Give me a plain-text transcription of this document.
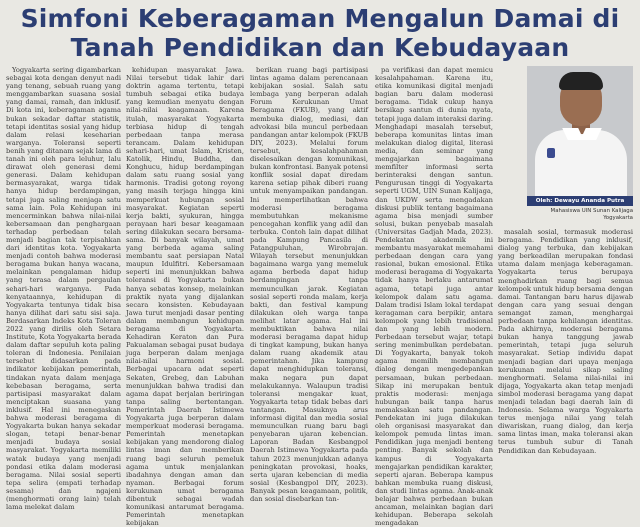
Simfoni Keberagaman Mengalun Damai di Tanah Pendidikan dan Kebudayaan

Yogyakarta sering digambarkan sebagai kota dengan denyut nadi yang tenang, sebuah ruang yang menggambarkan suasana sosial yang damai, ramah, dan inklusif. Di kota ini, keberagaman agama bukan sekadar daftar statistik, tetapi identitas sosial yang hidup dalam relasi keseharian warganya. Toleransi seperti benih yang ditanam sejak lama di tanah ini oleh para leluhur, lalu dirawat oleh generasi demi generasi. Dalam kehidupan bermasyarakat, warga tidak hanya hidup berdampingan, tetapi juga saling menjaga satu sama lain. Pola Kehidupan ini mencerminkan bahwa nilai-nilai kebersamaan dan penghargaan terhadap perbedaan telah menjadi bagian tak terpisahkan dari identitas kota. Yogyakarta menjadi contoh bahwa moderasi beragama bukan hanya wacana, melainkan pengalaman hidup yang terasa dalam pergaulan sehari-hari warganya. Pada kenyataannya, kehidupan di Yogyakarta tentunya tidak bisa hanya dilihat dari satu sisi saja. Berdasarkan Indeks Kota Toleran 2022 yang dirilis oleh Setara Institute, Kota Yogyakarta berada dalam daftar sepuluh kota paling toleran di Indonesia. Penilaian tersebut didasarkan pada indikator kebijakan pemerintah, tindakan nyata dalam menjaga kebebasan beragama, serta partisipasi masyarakat dalam menciptakan suasana yang inklusif. Hal ini menegaskan bahwa moderasi beragama di Yogyakarta bukan hanya sekadar slogan, tetapi benar-benar menjadi budaya sosial masyarakat. Yogyakarta memiliki watak budaya yang menjadi pondasi etika dalam moderasi beragama. Nilai sosial seperti tepa selira (empati terhadap sesama) dan ngajeni (menghormati orang lain) telah lama melekat dalam

kehidupan masyarakat Jawa. Nilai tersebut tidak lahir dari doktrin agama tertentu, tetapi tumbuh sebagai etika budaya yang kemudian menyatu dengan nilai-nilai keagamaan. Karena itulah, masyarakat Yogyakarta terbiasa hidup di tengah perbedaan tanpa merasa terancam. Dalam kehidupan sehari-hari, umat Islam, Kristen, Katolik, Hindu, Buddha, dan Konghucu, hidup berdampingan dalam satu ruang sosial yang harmonis. Tradisi gotong royong yang masih terjaga hingga kini memperkuat hubungan sosial masyarakat. Kegiatan seperti kerja bakti, syukuran, hingga perayaan hari besar keagamaan sering dilakukan secara bersama-sama. Di banyak wilayah, umat yang berbeda agama saling membantu saat persiapan Natal maupun Idulfitri. Kebersamaan seperti ini menunjukkan bahwa toleransi di Yogyakarta bukan hanya sebatas konsep, melainkan praktik nyata yang dijalankan secara konsisten. Kebudayaan Jawa turut menjadi dasar penting dalam membangun kehidupan beragama di Yogyakarta. Kehadiran Keraton dan Pura Pakualaman sebagai pusat budaya juga berperan dalam menjaga nilai-nilai harmoni sosial. Berbagai upacara adat seperti Sekaten, Grebeg, dan Labuhan menunjukkan bahwa tradisi dan agama dapat berjalan beriringan tanpa saling bertentangan. Pemerintah Daerah Istimewa Yogyakarta juga berperan dalam memperkuat moderasi beragama. Pemerintah menetapkan kebijakan yang mendorong dialog lintas iman dan memberikan ruang bagi seluruh pemeluk agama untuk menjalankan ibadahnya dengan aman dan nyaman. Berbagai forum kerukunan umat beragama dibentuk sebagai wadah komunikasi antarumat beragama. Pemerintah menetapkan kebijakan

berikan ruang bagi partisipasi lintas agama dalam perencanaan kebijakan sosial. Salah satu lembaga yang berperan adalah Forum Kerukunan Umat Beragama (FKUB), yang aktif membuka dialog, mediasi, dan advokasi bila muncul perbedaan pandangan antar kelompok (FKUB DIY, 2023). Melalui forum tersebut, kesalahpahaman diselesaikan dengan komunikasi, bukan konfrontasi. Banyak potensi konflik sosial dapat diredam karena setiap pihak diberi ruang untuk menyampaikan pandangan. Ini memperlihatkan bahwa moderasi beragama membutuhkan mekanisme pencegahan konflik yang adil dan terbuka. Contoh lain dapat dilihat pada Kampung Pancasila di Patangpuluhan, Wirobrajan. Wilayah tersebut menunjukkan bagaimana warga yang memeluk agama berbeda dapat hidup berdampingan tanpa memunculkan jarak. Kegiatan sosial seperti ronda malam, kerja bakti, dan festival kampung dilakukan oleh warga tanpa melihat latar agama. Hal ini membuktikan bahwa nilai moderasi beragama dapat hidup di tingkat kampung, bukan hanya dalam ruang akademik atau pemerintahan. Jika kampung dapat menghidupkan toleransi, maka negara pun dapat melakukannya. Walaupun tradisi toleransi mengakar kuat, Yogyakarta tetap tidak bebas dari tantangan. Masuknya arus informasi digital dan media sosial memunculkan ruang baru bagi penyebaran ujaran kebencian. Laporan Badan Kesbangpol Daerah Istimewa Yogyakarta pada tahun 2023 menunjukkan adanya peningkatan provokasi, hoaks, serta ujaran kebencian di media sosial (Kesbangpol DIY, 2023). Banyak pesan keagamaan, politik, dan sosial disebarkan tan-

pa verifikasi dan dapat memicu kesalahpahaman. Karena itu, etika komunikasi digital menjadi bagian baru dalam moderasi beragama. Tidak cukup hanya bersikap santun di dunia nyata, tetapi juga dalam interaksi daring. Menghadapi masalah tersebut, beberapa komunitas lintas iman melakukan dialog digital, literasi media, dan seminar yang mengajarkan bagaimana memfilter informasi serta berinteraksi dengan santun. Pengurusan tinggi di Yogyakarta seperti UGM, UIN Sunan Kalijaga, dan UKDW serta mengadakan diskusi publik tentang bagaimana agama bisa menjadi sumber solusi, bukan penyebab masalah (Universitas Gadjah Mada, 2023). Pendekatan akademik ini membantu masyarakat memahami perbedaan dengan cara yang rasional, bukan emosional. Etika moderasi beragama di Yogyakarta tidak hanya berlaku antarumat agama, tetapi juga antar kelompok dalam satu agama. Dalam tradisi Islam lokal terdapat keragaman cara berpikir, antara kelompok yang lebih tradisional dan yang lebih modern. Perbedaan tersebut wajar, tetapi sering menimbulkan perdebatan. Di Yogyakarta, banyak tokoh agama memilih membangun dialog dengan mengedepankan persamaan, bukan perbedaan. Sikap ini merupakan bentuk praktis moderasi: menjaga hubungan baik tanpa harus memaksakan satu pandangan. Pendekatan ini juga dilakukan oleh organisasi masyarakat dan kelompok pemuda lintas iman. Pendidikan juga menjadi benteng penting. Banyak sekolah dan kampus di Yogyakarta mengajarkan pendidikan karakter, seperti ajaran. Beberapa kampus bahkan membuka ruang diskusi, dan studi lintas agama. Anak-anak belajar bahwa perbedaan bukan ancaman, melainkan bagian dari kehidupan. Beberapa sekolah mengadakan

Oleh: Dewayu Ananda Putra
Mahasiswa UIN Sunan Kalijaga Yogyakarta

masalah sosial, termasuk moderasi beragama. Pendidikan yang inklusif, dialog yang terbuka, dan kebijakan yang berkeadilan merupakan fondasi utama dalam menjaga keberagaman. Yogyakarta terus berupaya menghadirkan ruang bagi semua kelompok untuk hidup bersama dengan damai. Tantangan baru harus dijawab dengan cara yang sesuai dengan semangat zaman, menghargai perbedaan tanpa kehilangan identitas. Pada akhirnya, moderasi beragama bukan hanya tanggung jawab pemerintah, tetapi juga seluruh masyarakat. Setiap individu dapat menjadi bagian dari upaya menjaga kerukunan melalui sikap saling menghormati. Selama nilai-nilai ini dijaga, Yogyakarta akan tetap menjadi simbol moderasi beragama yang dapat menjadi teladan bagi daerah lain di Indonesia. Selama warga Yogyakarta terus menjaga nilai yang telah diwariskan, ruang dialog, dan kerja sama lintas iman, maka toleransi akan terus tumbuh subur di Tanah Pendidikan dan Kebudayaan.
